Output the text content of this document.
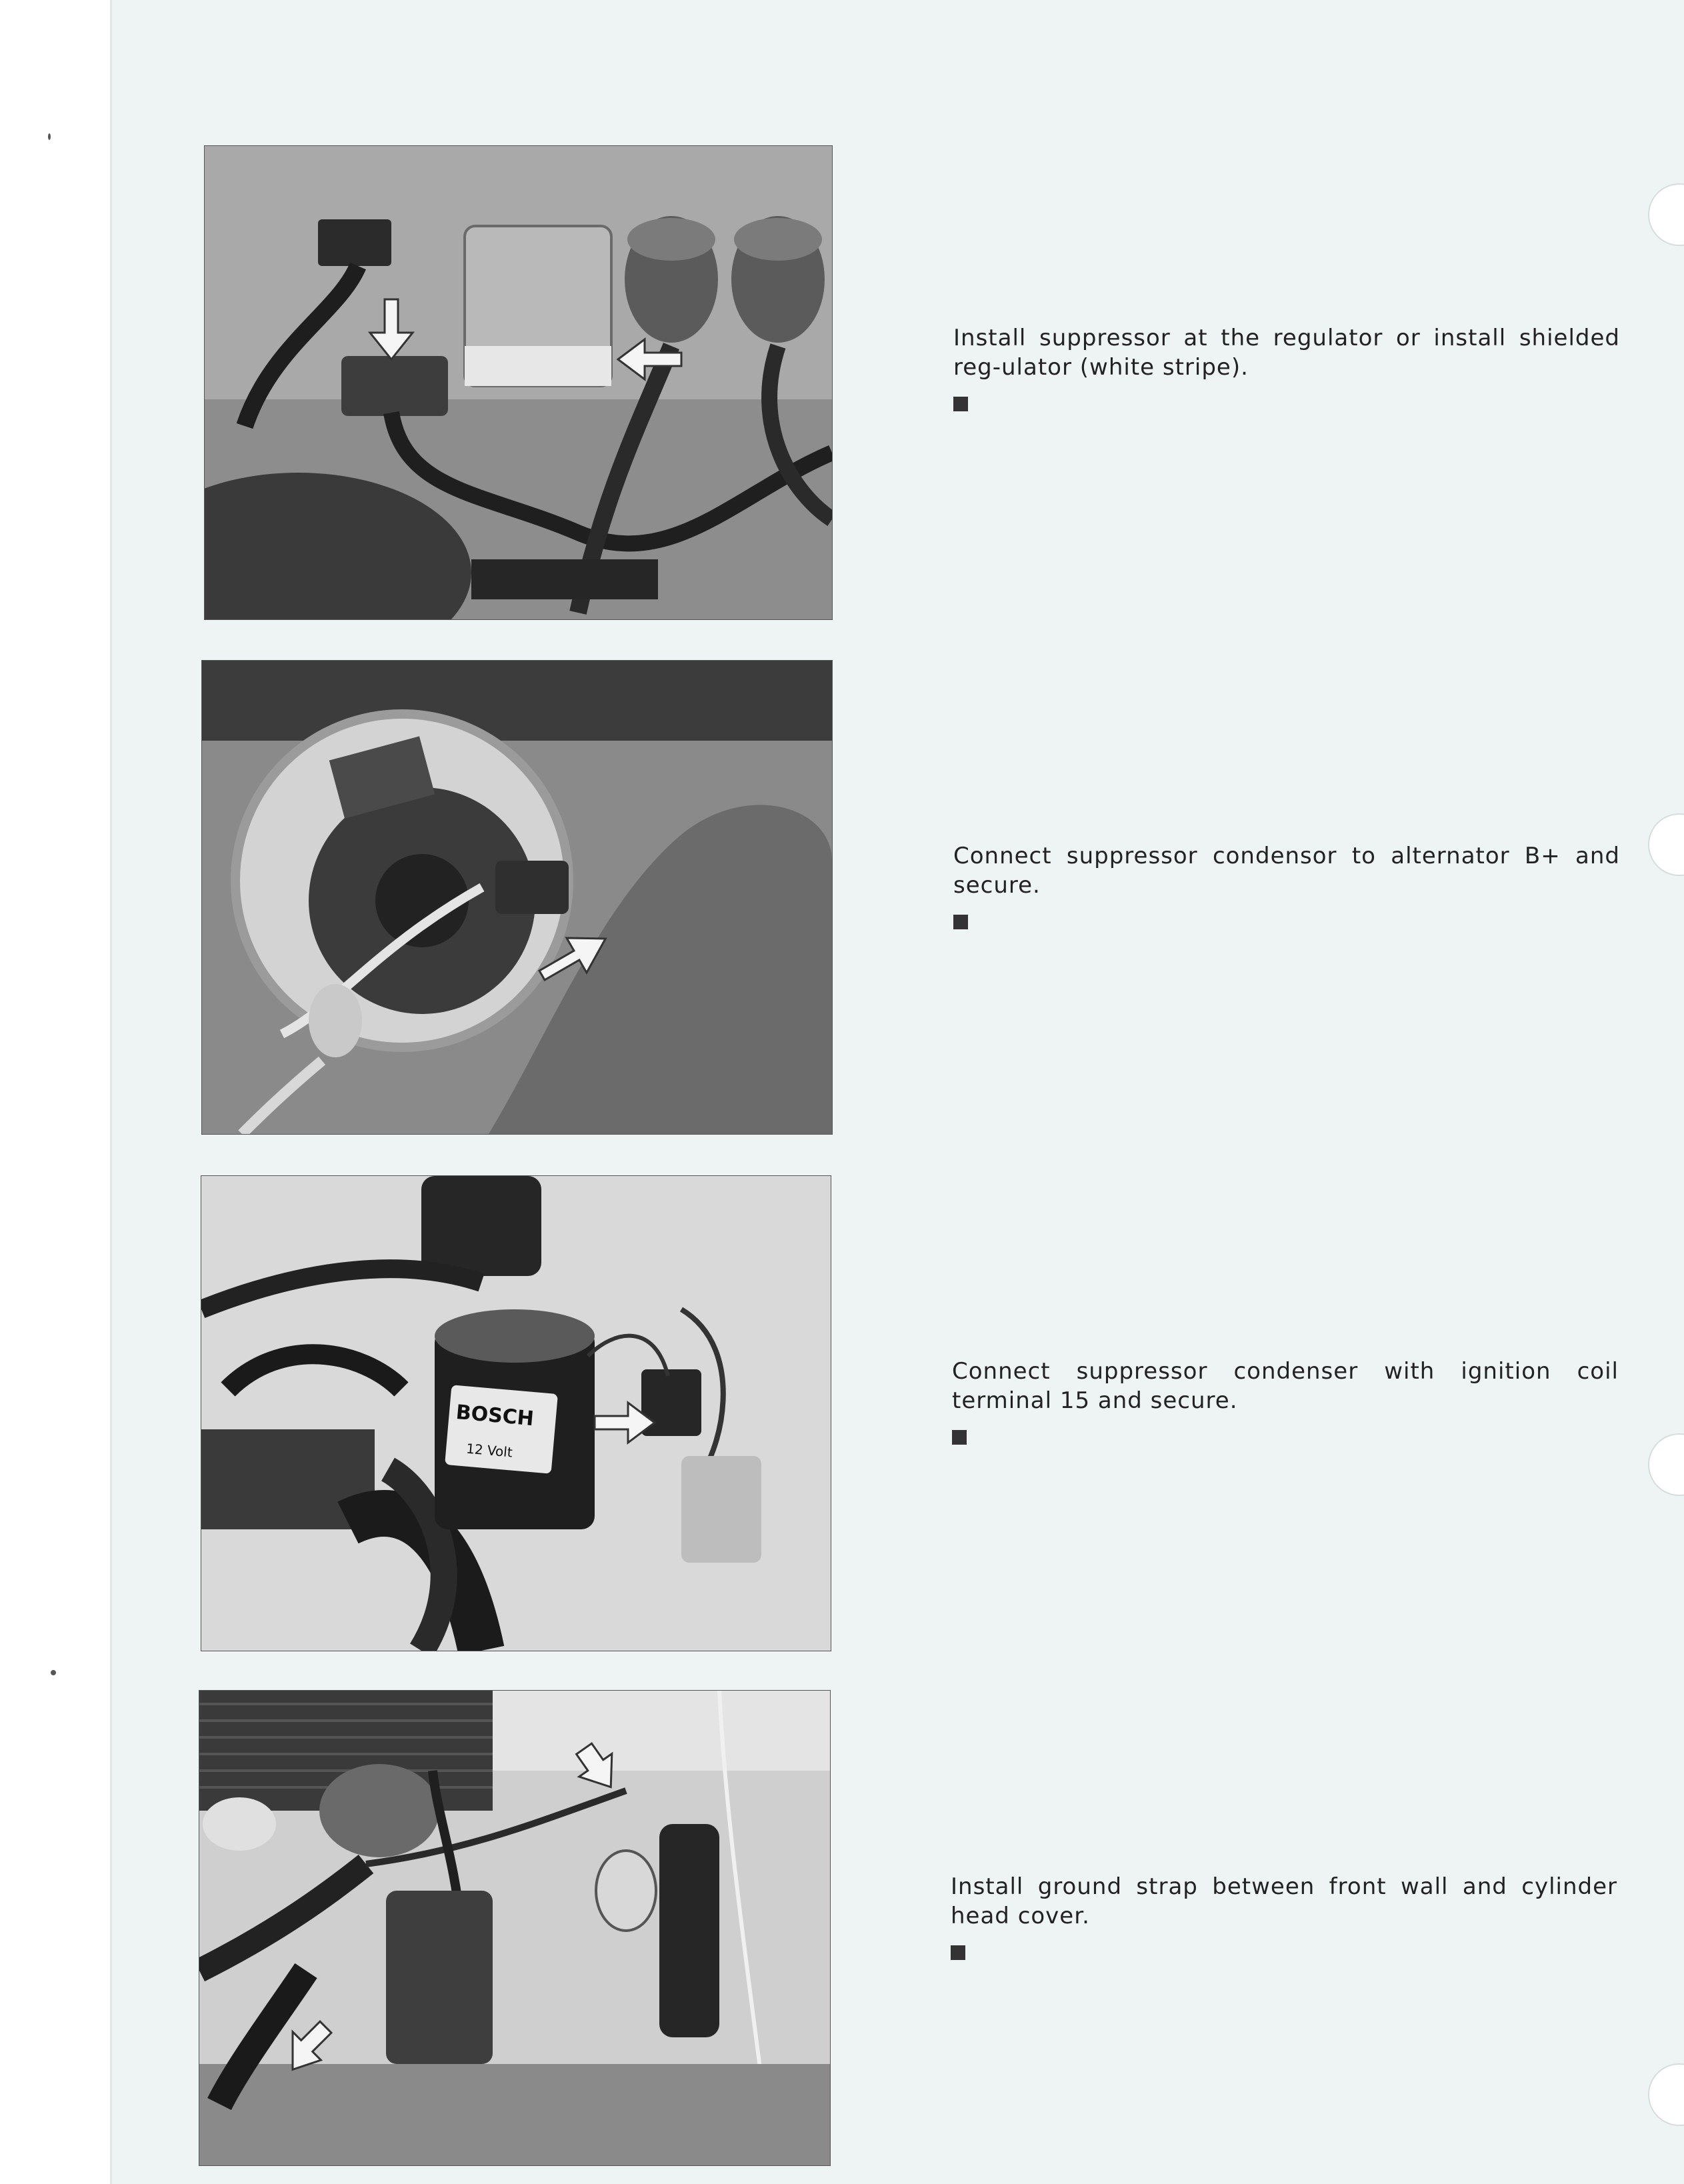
Install suppressor at the regulator or install shielded reg-ulator (white stripe).
Connect suppressor condensor to alternator B+ and secure.
BOSCH
12 Volt
Connect suppressor condenser with ignition coil terminal 15 and secure.
Install ground strap between front wall and cylinder head cover.
